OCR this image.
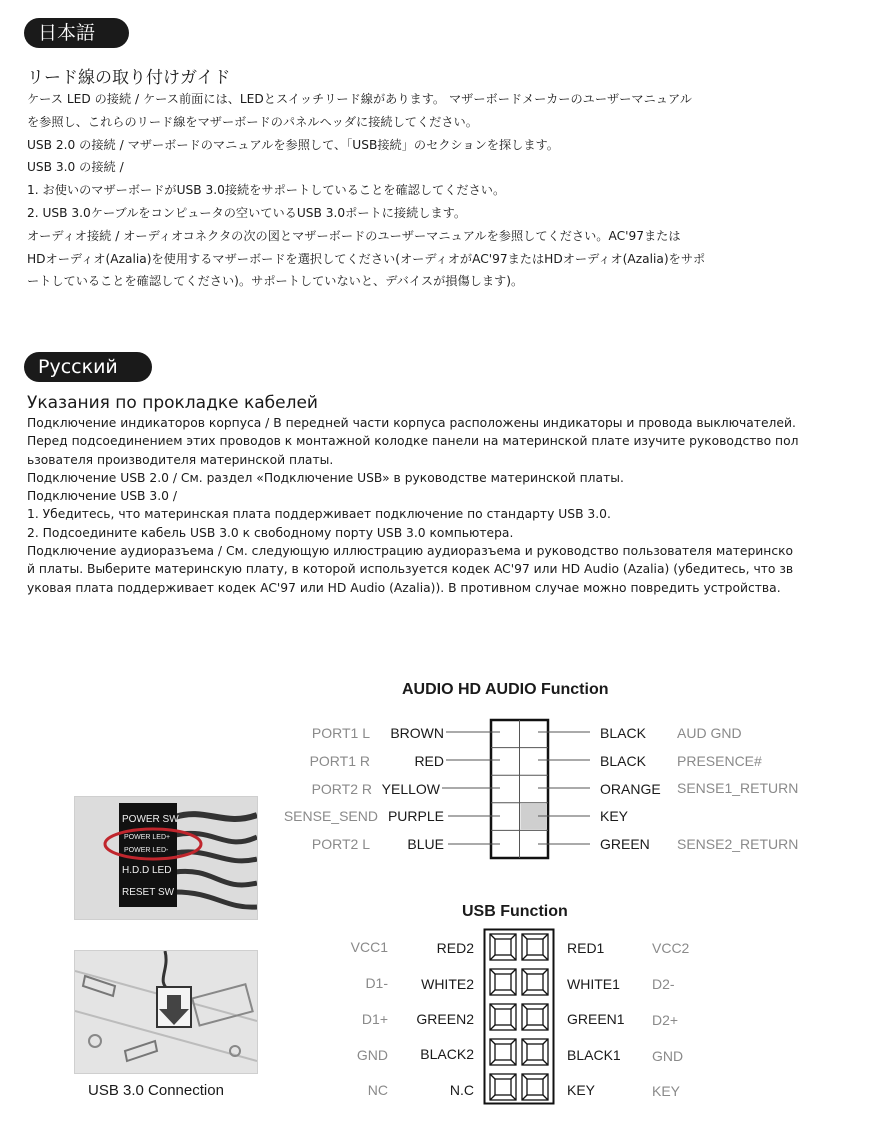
日本語
リード線の取り付けガイド
ケース LED の接続 / ケース前面には、LEDとスイッチリード線があります。 マザーボードメーカーのユーザーマニュアル
を参照し、これらのリード線をマザーボードのパネルヘッダに接続してください。
USB 2.0 の接続 / マザーボードのマニュアルを参照して、「USB接続」のセクションを探します。
USB 3.0 の接続 /
1. お使いのマザーボードがUSB 3.0接続をサポートしていることを確認してください。
2. USB 3.0ケーブルをコンピュータの空いているUSB 3.0ポートに接続します。
オーディオ接続 / オーディオコネクタの次の図とマザーボードのユーザーマニュアルを参照してください。AC'97または
HDオーディオ(Azalia)を使用するマザーボードを選択してください(オーディオがAC'97またはHDオーディオ(Azalia)をサポ
ートしていることを確認してください)。サポートしていないと、デバイスが損傷します)。
Русский
Указания по прокладке кабелей
Подключение индикаторов корпуса / В передней части корпуса расположены индикаторы и провода выключателей.
Перед подсоединением этих проводов к монтажной колодке панели на материнской плате изучите руководство пол
ьзователя производителя материнской платы.
Подключение USB 2.0 / См. раздел «Подключение USB» в руководстве материнской платы.
Подключение USB 3.0 /
1. Убедитесь, что материнская плата поддерживает подключение по стандарту USB 3.0.
2. Подсоедините кабель USB 3.0 к свободному порту USB 3.0 компьютера.
Подключение аудиоразъема / См. следующую иллюстрацию аудиоразъема и руководство пользователя материнско
й платы. Выберите материнскую плату, в которой используется кодек AC'97 или HD Audio (Azalia) (убедитесь, что зв
уковая плата поддерживает кодек AC'97 или HD Audio (Azalia)). В противном случае можно повредить устройства.
POWER SW
POWER LED+
POWER LED-
H.D.D LED
RESET SW
USB 3.0 Connection
AUDIO HD AUDIO Function
PORT1 L
PORT1 R
PORT2 R
SENSE_SEND
PORT2 L
BROWN
RED
YELLOW
PURPLE
BLUE
BLACK
BLACK
ORANGE
KEY
GREEN
AUD GND
PRESENCE#
SENSE1_RETURN
SENSE2_RETURN
USB Function
VCC1
D1-
D1+
GND
NC
RED2
WHITE2
GREEN2
BLACK2
N.C
RED1
WHITE1
GREEN1
BLACK1
KEY
VCC2
D2-
D2+
GND
KEY
